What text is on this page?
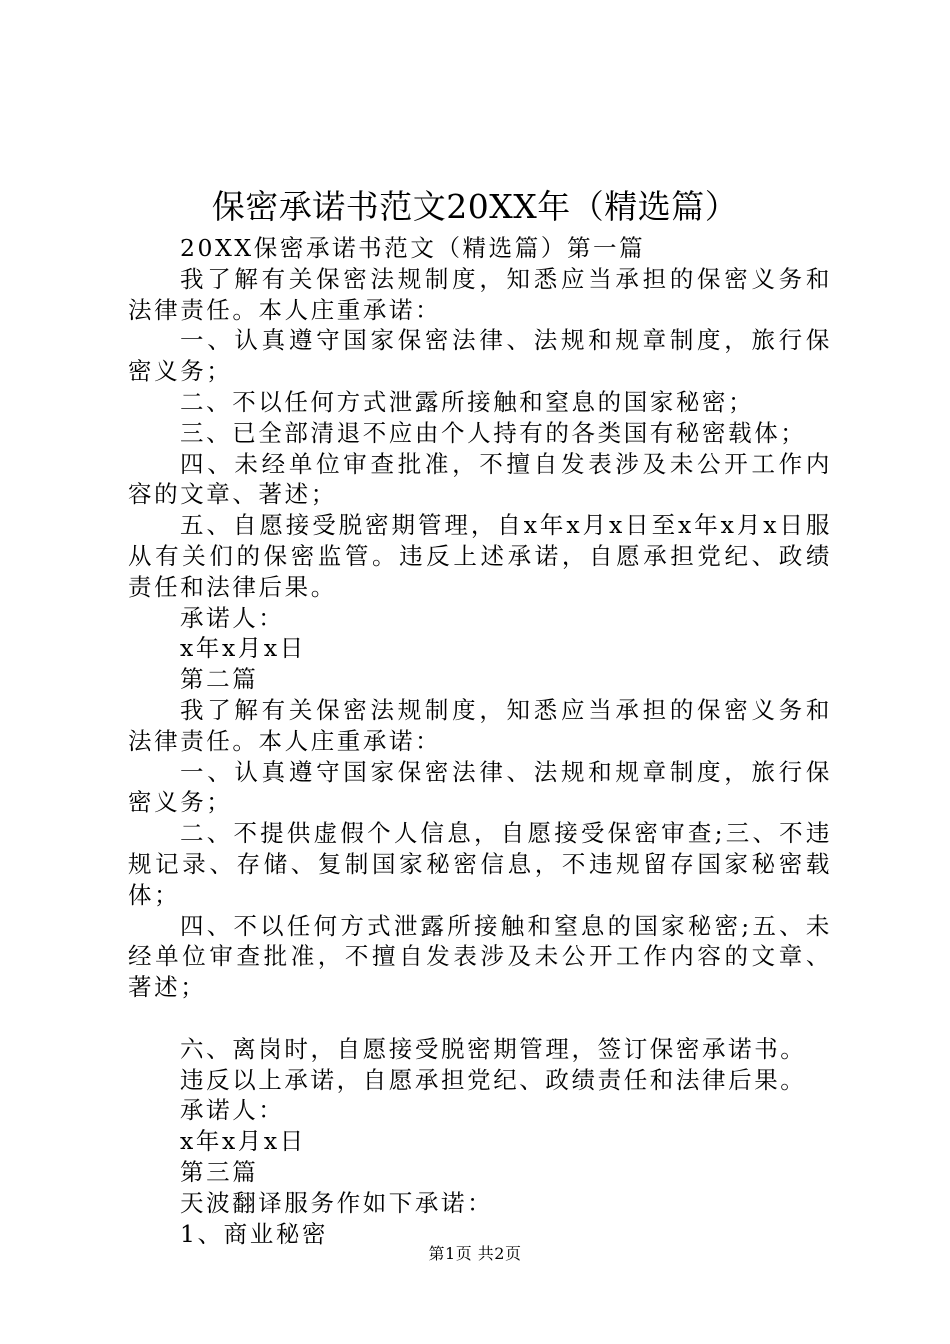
保密承诺书范文20XX年（精选篇）

20XX保密承诺书范文（精选篇）第一篇

我了解有关保密法规制度，知悉应当承担的保密义务和法律责任。本人庄重承诺：

一、认真遵守国家保密法律、法规和规章制度，旅行保密义务；

二、不以任何方式泄露所接触和窒息的国家秘密；

三、已全部清退不应由个人持有的各类国有秘密载体；

四、未经单位审查批准，不擅自发表涉及未公开工作内容的文章、著述；

五、自愿接受脱密期管理，自x年x月x日至x年x月x日服从有关们的保密监管。违反上述承诺，自愿承担党纪、政绩责任和法律后果。

承诺人：

x年x月x日

第二篇

我了解有关保密法规制度，知悉应当承担的保密义务和法律责任。本人庄重承诺：

一、认真遵守国家保密法律、法规和规章制度，旅行保密义务；

二、不提供虚假个人信息，自愿接受保密审查;三、不违规记录、存储、复制国家秘密信息，不违规留存国家秘密载体；

四、不以任何方式泄露所接触和窒息的国家秘密;五、未经单位审查批准，不擅自发表涉及未公开工作内容的文章、著述；

六、离岗时，自愿接受脱密期管理，签订保密承诺书。

违反以上承诺，自愿承担党纪、政绩责任和法律后果。

承诺人：

x年x月x日

第三篇

天波翻译服务作如下承诺：

1、商业秘密

第1页 共2页
